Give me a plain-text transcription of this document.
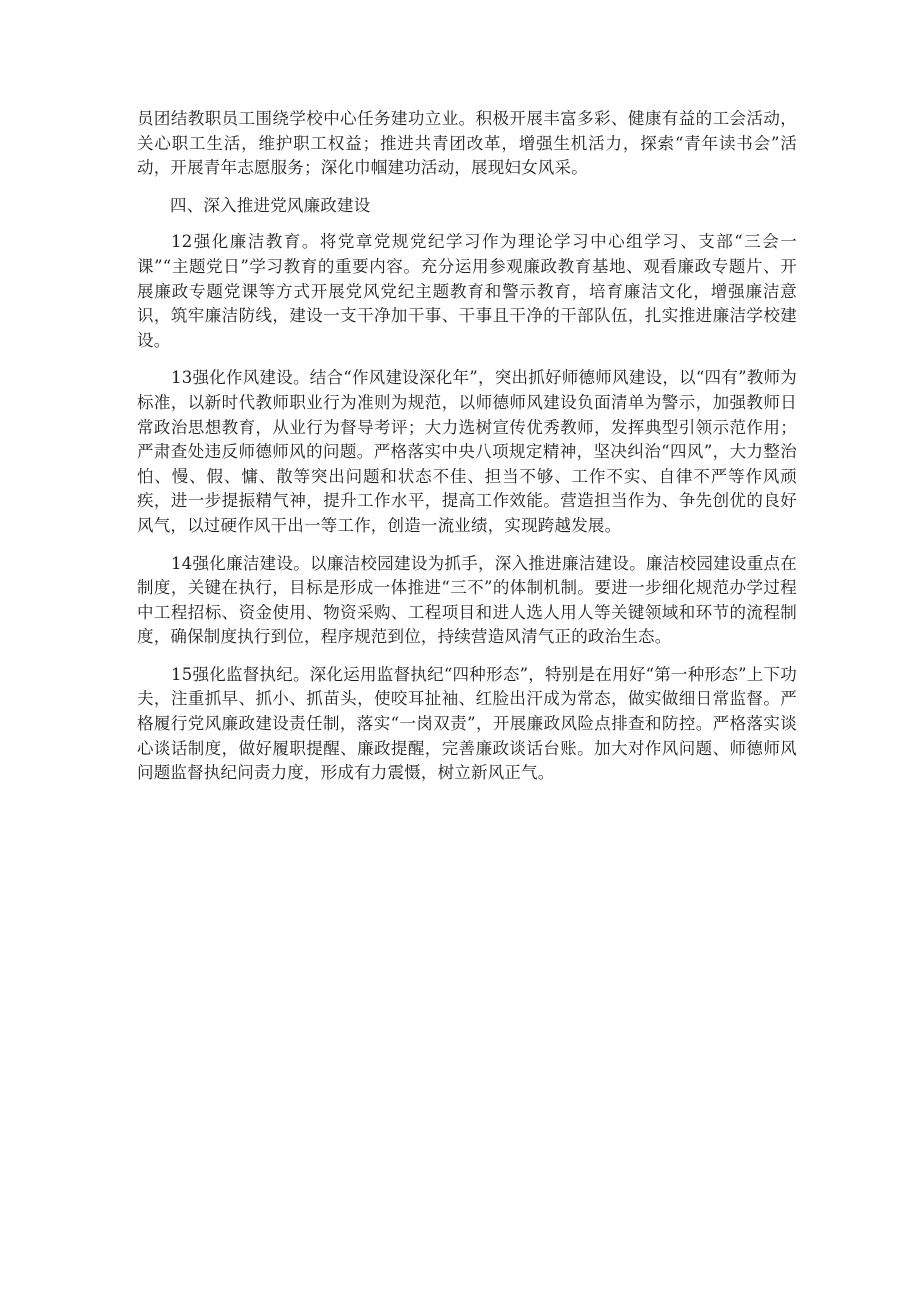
员团结教职员工围绕学校中心任务建功立业。积极开展丰富多彩、健康有益的工会活动，关心职工生活，维护职工权益；推进共青团改革，增强生机活力，探索“青年读书会”活动，开展青年志愿服务；深化巾帼建功活动，展现妇女风采。

四、深入推进党风廉政建设

12强化廉洁教育。将党章党规党纪学习作为理论学习中心组学习、支部“三会一课”“主题党日”学习教育的重要内容。充分运用参观廉政教育基地、观看廉政专题片、开展廉政专题党课等方式开展党风党纪主题教育和警示教育，培育廉洁文化，增强廉洁意识，筑牢廉洁防线，建设一支干净加干事、干事且干净的干部队伍，扎实推进廉洁学校建设。

13强化作风建设。结合“作风建设深化年”，突出抓好师德师风建设，以“四有”教师为标准，以新时代教师职业行为准则为规范，以师德师风建设负面清单为警示，加强教师日常政治思想教育，从业行为督导考评；大力选树宣传优秀教师，发挥典型引领示范作用；严肃查处违反师德师风的问题。严格落实中央八项规定精神，坚决纠治“四风”，大力整治怕、慢、假、慵、散等突出问题和状态不佳、担当不够、工作不实、自律不严等作风顽疾，进一步提振精气神，提升工作水平，提高工作效能。营造担当作为、争先创优的良好风气，以过硬作风干出一等工作，创造一流业绩，实现跨越发展。

14强化廉洁建设。以廉洁校园建设为抓手，深入推进廉洁建设。廉洁校园建设重点在制度，关键在执行，目标是形成一体推进“三不”的体制机制。要进一步细化规范办学过程中工程招标、资金使用、物资采购、工程项目和进人选人用人等关键领域和环节的流程制度，确保制度执行到位，程序规范到位，持续营造风清气正的政治生态。

15强化监督执纪。深化运用监督执纪“四种形态”，特别是在用好“第一种形态”上下功夫，注重抓早、抓小、抓苗头，使咬耳扯袖、红脸出汗成为常态，做实做细日常监督。严格履行党风廉政建设责任制，落实“一岗双责”，开展廉政风险点排查和防控。严格落实谈心谈话制度，做好履职提醒、廉政提醒，完善廉政谈话台账。加大对作风问题、师德师风问题监督执纪问责力度，形成有力震慑，树立新风正气。
